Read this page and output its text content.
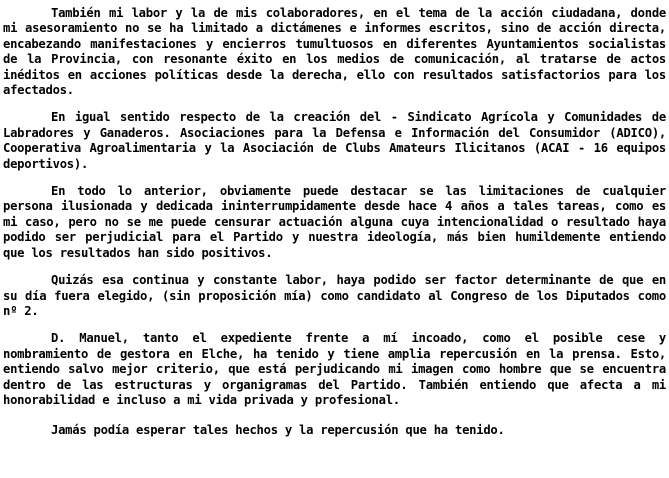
También mi labor y la de mis colaboradores, en el tema de la acción ciudadana, donde mi asesoramiento no se ha limitado a dictámenes e informes escritos, sino de acción directa, encabezando manifestaciones y encierros tumultuosos en diferentes Ayuntamientos socialistas de la Provincia, con resonante éxito en los medios de comunicación, al tratarse de actos inéditos en acciones políticas desde la derecha, ello con resultados satisfactorios para los afectados.

En igual sentido respecto de la creación del - Sindicato Agrícola y Comunidades de Labradores y Ganaderos. Asociaciones para la Defensa e Información del Consumidor (ADICO), Cooperativa Agroalimentaria y la Asociación de Clubs Amateurs Ilicitanos (ACAI - 16 equipos deportivos).

En todo lo anterior, obviamente puede destacar se las limitaciones de cualquier persona ilusionada y dedicada ininterrumpidamente desde hace 4 años a tales tareas, como es mi caso, pero no se me puede censurar actuación alguna cuya intencionalidad o resultado haya podido ser perjudicial para el Partido y nuestra ideología, más bien humildemente entiendo que los resultados han sido positivos.

Quizás esa continua y constante labor, haya podido ser factor determinante de que en su día fuera elegido, (sin proposición mía) como candidato al Congreso de los Diputados como nº 2.

D. Manuel, tanto el expediente frente a mí incoado, como el posible cese y nombramiento de gestora en Elche, ha tenido y tiene amplia repercusión en la prensa. Esto, entiendo salvo mejor criterio, que está perjudicando mi imagen como hombre que se encuentra dentro de las estructuras y organigramas del Partido. También entiendo que afecta a mi honorabilidad e incluso a mi vida privada y profesional.

Jamás podía esperar tales hechos y la repercusión que ha tenido.
